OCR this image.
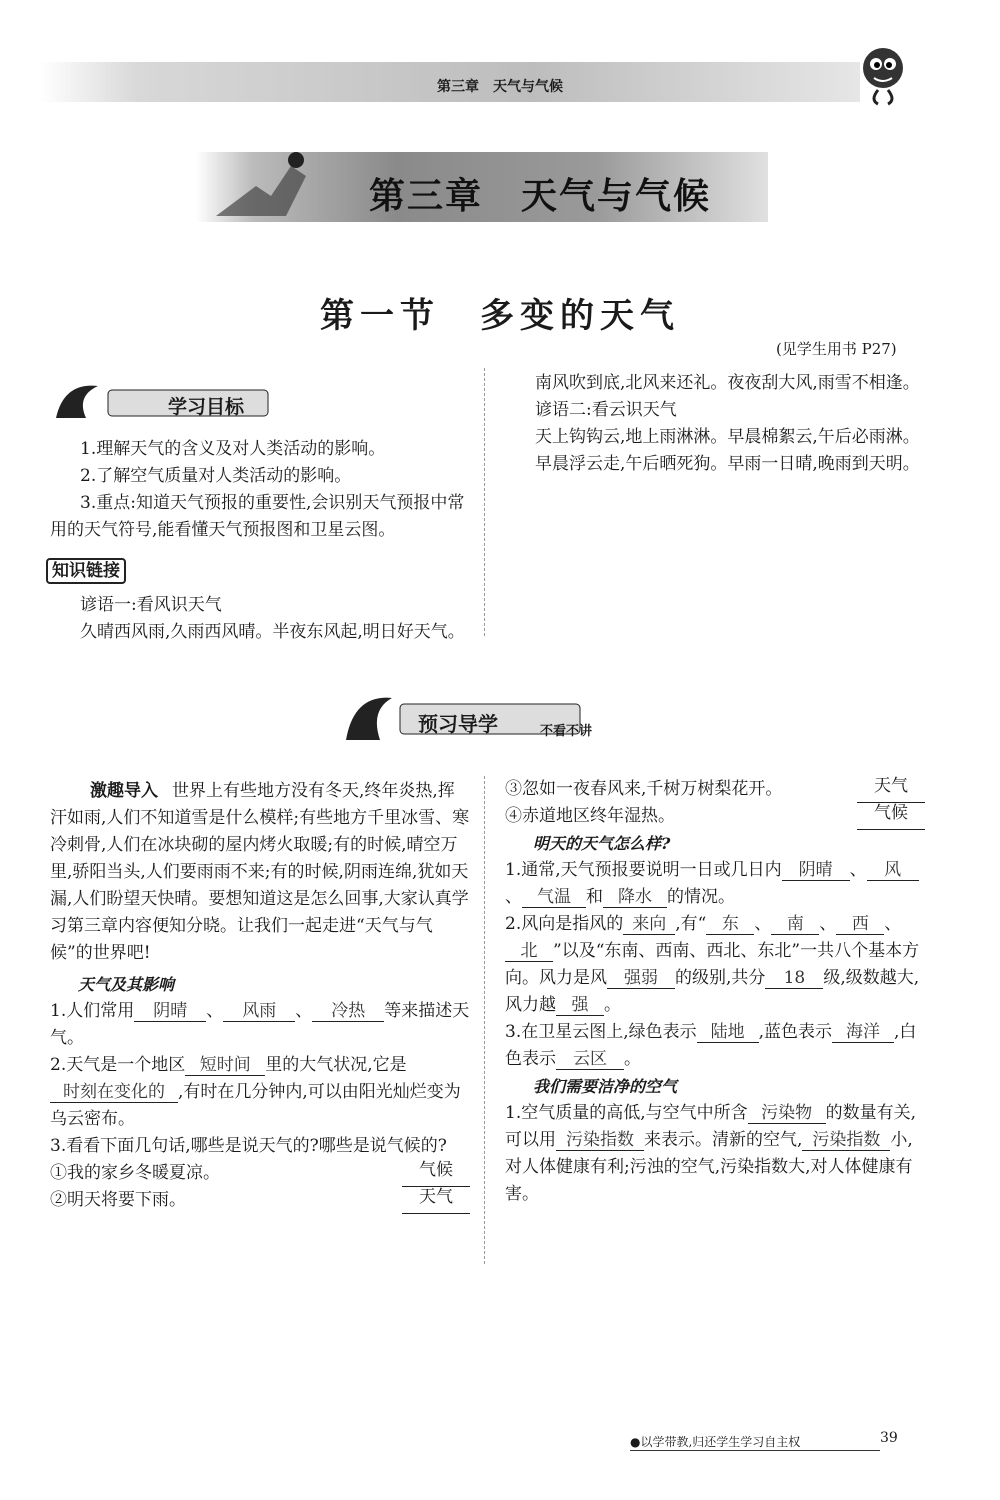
第三章　天气与气候
第三章　天气与气候
第一节　多变的天气
(见学生用书 P27)
学习目标
1.理解天气的含义及对人类活动的影响。
2.了解空气质量对人类活动的影响。
3.重点:知道天气预报的重要性,会识别天气预报中常用的天气符号,能看懂天气预报图和卫星云图。
知识链接
谚语一:看风识天气
久晴西风雨,久雨西风晴。半夜东风起,明日好天气。
南风吹到底,北风来还礼。夜夜刮大风,雨雪不相逢。
谚语二:看云识天气
天上钩钩云,地上雨淋淋。早晨棉絮云,午后必雨淋。
早晨浮云走,午后晒死狗。早雨一日晴,晚雨到天明。
预习导学	不看不讲
激趣导入 世界上有些地方没有冬天,终年炎热,挥汗如雨,人们不知道雪是什么模样;有些地方千里冰雪、寒冷刺骨,人们在冰块砌的屋内烤火取暖;有的时候,晴空万里,骄阳当头,人们要雨雨不来;有的时候,阴雨连绵,犹如天漏,人们盼望天快晴。要想知道这是怎么回事,大家认真学习第三章内容便知分晓。让我们一起走进“天气与气候”的世界吧!
天气及其影响
1.人们常用 阴晴 、 风雨 、 冷热 等来描述天气。
2.天气是一个地区 短时间 里的大气状况,它是时刻在变化的 ,有时在几分钟内,可以由阳光灿烂变为乌云密布。
3.看看下面几句话,哪些是说天气的?哪些是说气候的?
①我的家乡冬暖夏凉。	气候
②明天将要下雨。	天气
③忽如一夜春风来,千树万树梨花开。	天气
④赤道地区终年湿热。	气候
明天的天气怎么样?
1.通常,天气预报要说明一日或几日内 阴晴 、 风、 气温 和 降水 的情况。
2.风向是指风的 来向 ,有“ 东 、 南 、 西 、北 ”以及“东南、西南、西北、东北”一共八个基本方向。风力是风 强弱 的级别,共分 18 级,级数越大,风力越 强 。
3.在卫星云图上,绿色表示 陆地 ,蓝色表示 海洋 ,白色表示 云区 。
我们需要洁净的空气
1.空气质量的高低,与空气中所含 污染物 的数量有关,可以用 污染指数 来表示。清新的空气, 污染指数 小,对人体健康有利;污浊的空气,污染指数大,对人体健康有害。
●以学带教,归还学生学习自主权	39
